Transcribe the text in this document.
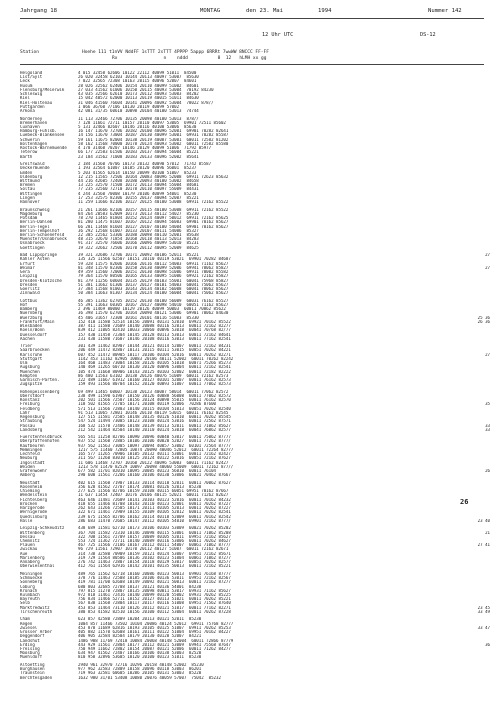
Jahrgang 18	MONTAG	den 23. Mai	1994	Nummer 142
12 Uhr UTC	DS-12
Station	Hoehe 111 t1nVV NddFF 1sTTT 2sTTT 4PPPP 5appp 6RRRt 7wwWW 8NCCC FF-FF
Rx                 n    nddd           8  12   hLMH xx gg
Helgoland	4 015 32458 62606 10122 22112 40099 51011  84500
List/Sylt	26 020 32458 62103 10144 20113 40097 53007  85630
Leck	7 022 32565 72308 10163 20115 40096 52007  84601
Husum	28 026 32562 62406 10154 20110 40099 51002  84601
Flensburg/Meierwik	27 033 41562 61006 10150 20115 40093 53004  70192 84230
Schleswig	43 035 32566 62610 10173 20112 40093 53003  84202
Kiel	15 042 40572 62000 10113 20119 40015 51011  84630
Kiel-Holtenau	31 046 41560 76604 10141 20096 40092 53004  78022 878//
Puttgarden	1 066 36/60 7/106 10130 20119 40099 57002
Arkona	42 081 31/35 60610 10098 20104 40100 53013  74744
Norderney	11 113 32466 72706 10135 20098 40100 53013  878//
Bremerhaven	7 128 11661 72711 10157 20110 40097 53005  69901 72511 85602
Cuxhaven	5 131 32466 82607 10146 20116 40100 53006  85630
Hamburg-Fuhlsb.	16 147 11670 72706 10182 20100 40096 52001  69901 70282 82641
Luebeck-Blankensee	14 156 11670 73004 10187 20130 40099 53001  69931 70282 85587
Schwerin	59 161 11675 82004 10138 20119 40087 53001  60011 72582 81202
Boltenhagen	58 162 11568 70000 10178 20124 40093 53002  60011 72582 85580
Rostock-Warnemuende	4 170 31460 70207 10146 20129 40099 51006  71792 85977
Teterow	66 177 22583 61506 10183 20137 40094 56004  85221
Barth	23 184 31562 71008 10183 20133 40096 52002  85641
Greifswald	2 184 31560 70706 10173 20132 40090 57012  71742 85587
Ueckermuende	1 193 32564 61007 10185 20120 40096 56001  85237
Emden	5 203 41565 62614 10150 20099 40100 51007  85233
Oldenburg	12 215 11565 72506 10164 20083 40096 52008  69911 72623 85632
Wittmund	44 216 42605 72408 10180 20093 40100 53002  84658
Bremen	13 225 32570 71508 10172 20113 40094 55004  84681
Soltau	77 235 32560 72710 10178 20110 40097 55009  84431
Wittingen	4 244 32560 70008 10179 20106 40099 54001  85230
Lingen	17 253 32575 82306 10155 20137 40094 52007  85221
Hannover	11 259 11666 82106 10127 20125 40100 53008  69911 72162 85522
Braunschweig	21 261 11666 82106 10157 20115 40100 53008  69911 72162 85522
Magdeburg	84 264 20583 62009 10173 20113 40112 54027  85230
Potsdam	78 270 11465 81804 10152 20124 40097 50012  69911 72162 85625
Berlin-Dahlem	81 280 11475 81607 10167 20122 40094 56003  69901 70162 85627
Berlin-Tegel	66 281 11468 81604 10127 20107 40100 54004  69901 70162 85627
Berlin-Tempelhof	36 292 12568 61007 10133 20107 40111 54006  85327
Berlin-Schoenefeld	22 305 22562 53306 10188 20098 40110 52001  85638
Muenster/Osnabrueck	48 315 32670 71854 10168 20118 40113 52013  84283
Osnabrueck	91 317 32570 76606 10166 20096 40099 53010  85231
Goettingen	19 322 32662 72506 10170 20112 40095 52009  84625
Bad Lippspringe	39 321 32686 72706 10171 20092 40106 52011  85221	27
Kahler Asten	135 325 11566 62507 10151 20110 40119 53021  69901 70282 84687
Erfurt	59 328 11575 82606 10166 20116 40112 54003  69911 71162 85627
Weimar	81 348 11570 82306 10158 20130 40099 52006  69941 78062 85827	27
Gera	49 359 11560 72006 10151 20130 40098 51006  69911 70002 85582
Leipzig	79 364 11570 80506 10165 20133 40095 51006  69921 72162 85827
Dresden-Klotzsche	81 379 11256 60604 10135 20129 40103 55001  60041 75968 85827
Dresden	51 381 11662 61306 10137 20127 40101 54003  60041 75062 85627
Goerlitz	37 384 11568 81003 10143 20134 40102 56008  60041 78062 85627
Zinnwald	50 384 11663 81307 10134 20124 40100 56004  60041 75062 85627
Cottbus	46 385 11362 62705 10152 20130 40100 56009  60031 76162 85527
Hof	55 391 11663 60305 10167 20127 40098 54010  60051 71162 85627
Bamberg	2 396 11469 80000 10129 20126 40099 50003  60011 70062 85622
Nuernberg	36 398 11570 62706 10164 20090 40121 53006  69901 70062 84630
Wuerzburg	45 406 31657 72308 10161 20101 40116 51003  85330	25 36
Frankfurt/Main	152 410 11580 52514 10156 20091 40131 52010  69921 70162 85522	26 36
Wiesbaden	387 411 11580 72609 10140 20088 40116 52013  60011 72162 82277
Koeln/Bonn	839 412 11005 82410 10033 20060 40096 53018  60041 70/68 82/77
Duesseldorf	157 430 11458 72304 10145 20128 40113 53013  60011 72162 84641
Aachen	231 438 11580 71607 10146 20108 40116 53013  60011 77162 82541
Trier	301 439 11462 82907 10144 20121 40114 52007  60011 72162 84231
Saarbruecken	206 449 11472 82807 10131 20115 40111 53015  60051 70262 84221
Karlsruhe	607 452 11472 80905 10117 20106 40104 52016  60011 70262 82271	27
Stuttgart	1142 453 11162 82905 10083 20106 40111 52002  60011 70262 82242
Ulm	164 460 11483 73004 10158 20126 40105 51018  60071 75266 85273
Augsburg	140 469 11265 60710 10130 20120 40096 53004  60011 72162 82541
Muenchen	105 474 11668 80906 10143 20125 40103 52002  60011 72182 82222
Kempten	86 480 11563 63102 10138 20126 40076 51009  60011 72162 82573
Garmisch-Parten.	222 489 11667 61912 10160 20127 40101 52007  60011 76162 82573
Zugspitze	159 493 11566 80704 10152 20120 40093 51007  60011 77062 82573
Hohenpeissenberg	69 499 11465 60607 10138 20123 40087 58014  60011 77062 82572
Oberstdorf	238 499 11590 61907 10150 20126 40088 56008  60011 77062 82572
Konstanz	202 501 11566 72507 10156 20124 40098 55015  60011 76162 82570
Freiburg	118 502 41565 72705 10171 20108 40119 52006  70286 87600	35
Feldberg	571 513 11566 72803 10140 20115 40104 51013  60051 70262 82540
Lahr	91 513 11065 72801 10146 20110 40119 53015  60011 76162 82545
Regensburg	127 515 11581 72505 10148 20135 40126 51010  60011 70262 85545
Straubing	547 524 11494 73005 10123 20108 40124 53016  60011 72562 87571
Passau	168 532 11570 72406 10148 20139 40113 52011  60011 71062 85627	33
Landsberg	212 542 11464 82504 10140 20110 40124 53018  60041 76062 82577	33
Fuerstenfeldbruck	565 541 11258 82706 10090 20096 40040 53017  60011 75062 87777
Oberpfaffenhofen	937 552 11560 72805 10106 20106 40020 52027  60011 77262 8777/
Kaufbeuren	937 562 11563 73005 10097 20094 40057 53002  60101 72564 87777
Memmingen	1217 575 11460 72805 10074 20090 40046 52012  60011 72264 82777
Lechfeld	165 577 11265 70906 10105 20132 40111 53001  60011 72162 82427
Neuburg	311 567 11260 83010 10125 20124 40122 53016  60051 72162 87627
Ingolstadt	11 606 11468 72707 10160 20122 40096 53003  60011 71162 82427
Weiden	1213 578 11470 82529 10097 20098 40060 55009  60011 72162 877//
Grafenwoehr	677 582 11/01 82010 10095 20085 40123 56010  60011 76104	26
Amberg	290 600 11561 72206 10160 20106 40130 53006  60021 70462 87667
Neustadt	402 615 11560 71907 10133 20114 40110 52011  60011 70062 87627
Rosenheim	356 628 41562 72707 10174 20081 40126 52013  85230
Chieming	277 625 11566 82706 10159 20108 40115 60051 69951 70162 87667
Wendelstein	11 637 11454 72407 10176 20106 40115 52021  60011 71262 82627
Fichtelberg	463 646 11481 72609 10141 20103 40123 52016  60011 70162 84232
Brocken	418 655 11466 81708 10143 20110 40123 52001  60011 70262 87227
Harzgerode	262 643 11266 72505 10171 20111 40105 52013  60011 70262 87227
Wernigerode	322 671 11461 72909 10155 20109 40105 52012  60011 70262 82541
Quedlinburg	239 675 11565 82706 10162 20114 40118 52009  60011 70162 82542
Halle	286 683 11470 72605 10147 20112 40105 54010  69901 72162 8777/	23 40
Leipzig-Schkeuditz	438 689 11581 62710 10173 20106 40103 53009  60021 70262 85202
Wittenberg	367 704 11582 72310 10146 20098 40115 53001  60011 71062 85208	21
Dessau	322 708 11561 72709 10157 20089 40105 52011  69951 72162 85627
Chemnitz	553 724 11362 72711 10140 20089 40116 53006  60011 70262 84627
Plauen	467 725 11566 72106 10167 20112 40111 54007  60061 71062 8777/	27 41
Zwickau	96 729 11561 72907 10170 20112 40127 51007  60011 72162 82671
Aue	314 738 32580 70909 10159 20121 40124 53007  69951 72162 85671
Marienberg	319 729 11564 80506 10136 20102 40123 51004  60061 71062 87277
Annaberg	276 742 11463 72807 10154 20118 40129 53017  60051 70262 82577
Oberwiesenthal	412 761 11564 62916 10142 20101 40135 50013  60011 72162 85221
Meiningen	489 765 11562 62718 10160 20086 40123 50013  69901 76168 87777
Schmuecke	378 776 11463 72508 10185 20106 40136 53011  69951 72162 82567
Sonneberg	419 781 11/00 62608 10149 20092 40121 50013  60011 72162 87277
Coburg	680 803 32685 72708 10137 20121 40136 54001  84238
Kronach	797 815 11270 72807 10135 20098 40011 53017  69931 71162 85627
Kulmbach	972 818 11461 72416 10140 20099 40120 55002  69931 70262 85225
Bayreuth	756 834 11466 52711 10152 20127 40113 51021  60011 70262 85221
Selb	567 838 11568 72804 10117 20117 40116 51008  69951 71562 87640
Marktredwitz	453 853 11464 73110 10126 20112 40121 51017  60011 77162 82271	23 45
Tirschenreuth	380 853 41582 82510 10156 20100 40112 53004  60011 70262 87228	33 49
Cham	623 857 42580 72809 10204 20113 40121 52011  85230
Regen	1004 857 11466 73502 10104 20086 40124 52012  69911 75768 82777
Zwiesel	453 870 11689 62816 10193 20105 40125 51007  69911 70262 85253	33 47
Grosser Arber	405 882 11570 62608 10161 20111 40122 51004  69951 70162 84227
Deggendorf	406 905 32584 82504 10179 20130 40120 52007  84221
Landshut	1486 908 11/69 72418 10084 20068 40148 52004  60011 72866 87779
Erding	443 929 11561 72804 10177 20112 40121 53009  69941 75568 87647	36
Freising	750 949 11662 72802 10154 20087 40121 52006  60011 71262 84277
Moosburg	634 947 41562 72407 10166 20106 40138 53003  82520
Muehldorf	810 958 32896 53605 10120 20100 40123 51011  85230
Altoetting	2940 961 32970 72716 10296 20158 40148 52002  85230
Burghausen	977 962 32583 72809 10158 20096 40118 53003  86201
Traunstein	719 963 32581 60605 10206 20105 40131 53003  85220
Berchtesgaden	1632 980 31/01 53408 10080 20076 40059 57007  75042  85232
26
